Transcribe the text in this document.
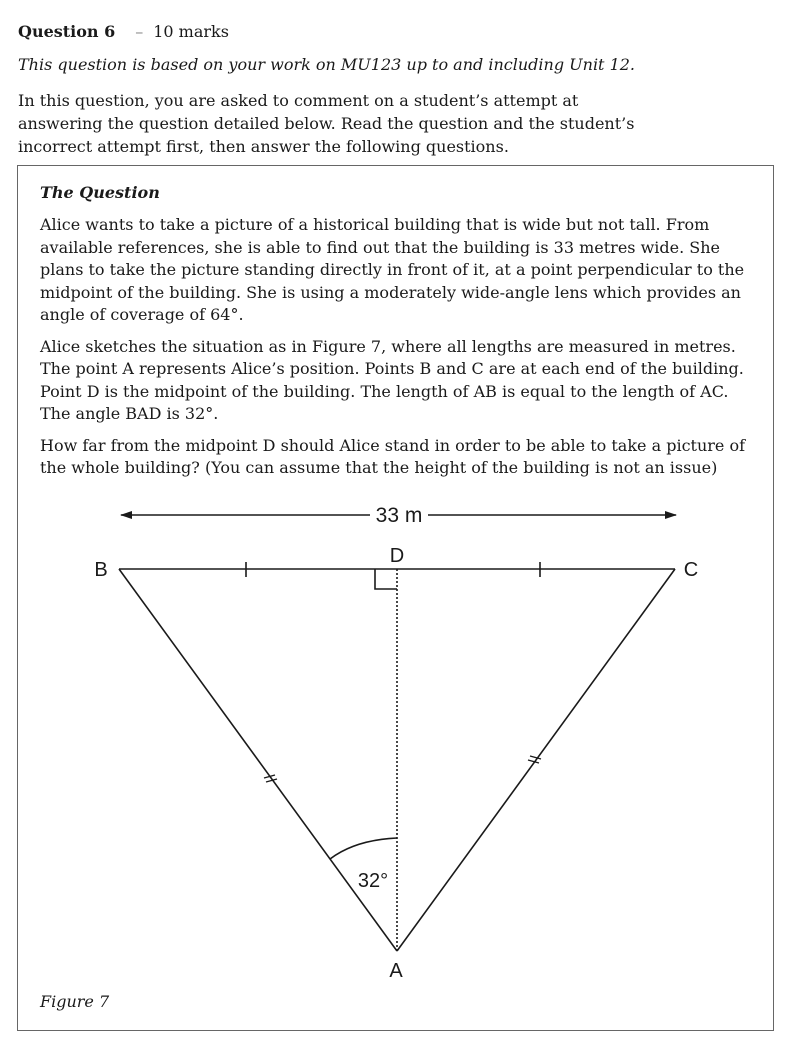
Question 6 – 10 marks
This question is based on your work on MU123 up to and including Unit 12.

In this question, you are asked to comment on a student’s attempt at

answering the question detailed below. Read the question and the student’s

incorrect attempt first, then answer the following questions.

The Question

Alice wants to take a picture of a historical building that is wide but not tall. From available references, she is able to find out that the building is 33 metres wide. She plans to take the picture standing directly in front of it, at a point perpendicular to the midpoint of the building. She is using a moderately wide-angle lens which provides an angle of coverage of 64°.

Alice sketches the situation as in Figure 7, where all lengths are measured in metres. The point A represents Alice’s position. Points B and C are at each end of the building. Point D is the midpoint of the building. The length of AB is equal to the length of AC. The angle BAD is 32°.

How far from the midpoint D should Alice stand in order to be able to take a picture of the whole building? (You can assume that the height of the building is not an issue)

Figure 7
33 m
B	C
D
A
32°
